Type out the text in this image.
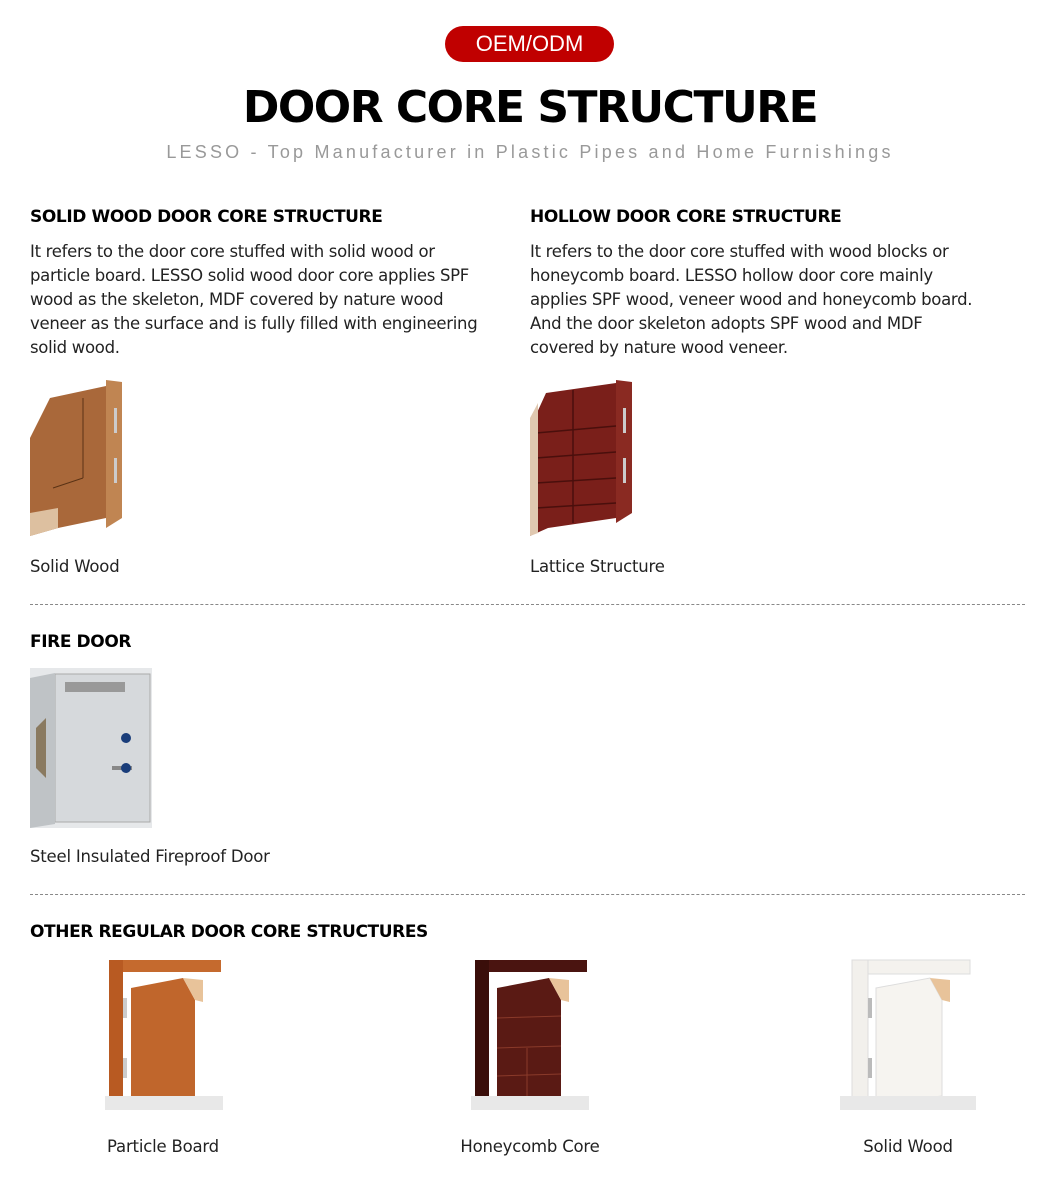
OEM/ODM
DOOR CORE STRUCTURE
LESSO - Top Manufacturer in Plastic Pipes and Home Furnishings
SOLID WOOD DOOR CORE STRUCTURE
It refers to the door core stuffed with solid wood or particle board. LESSO solid wood door core applies SPF wood as the skeleton, MDF covered by nature wood veneer as the surface and is fully filled with engineering solid wood.
Solid Wood
HOLLOW DOOR CORE STRUCTURE
It refers to the door core stuffed with wood blocks or honeycomb board. LESSO hollow door core mainly applies SPF wood, veneer wood and honeycomb board. And the door skeleton adopts SPF wood and MDF covered by nature wood veneer.
Lattice Structure
FIRE DOOR
Steel Insulated Fireproof Door
OTHER REGULAR DOOR CORE STRUCTURES
Particle Board	Honeycomb Core	Solid Wood
